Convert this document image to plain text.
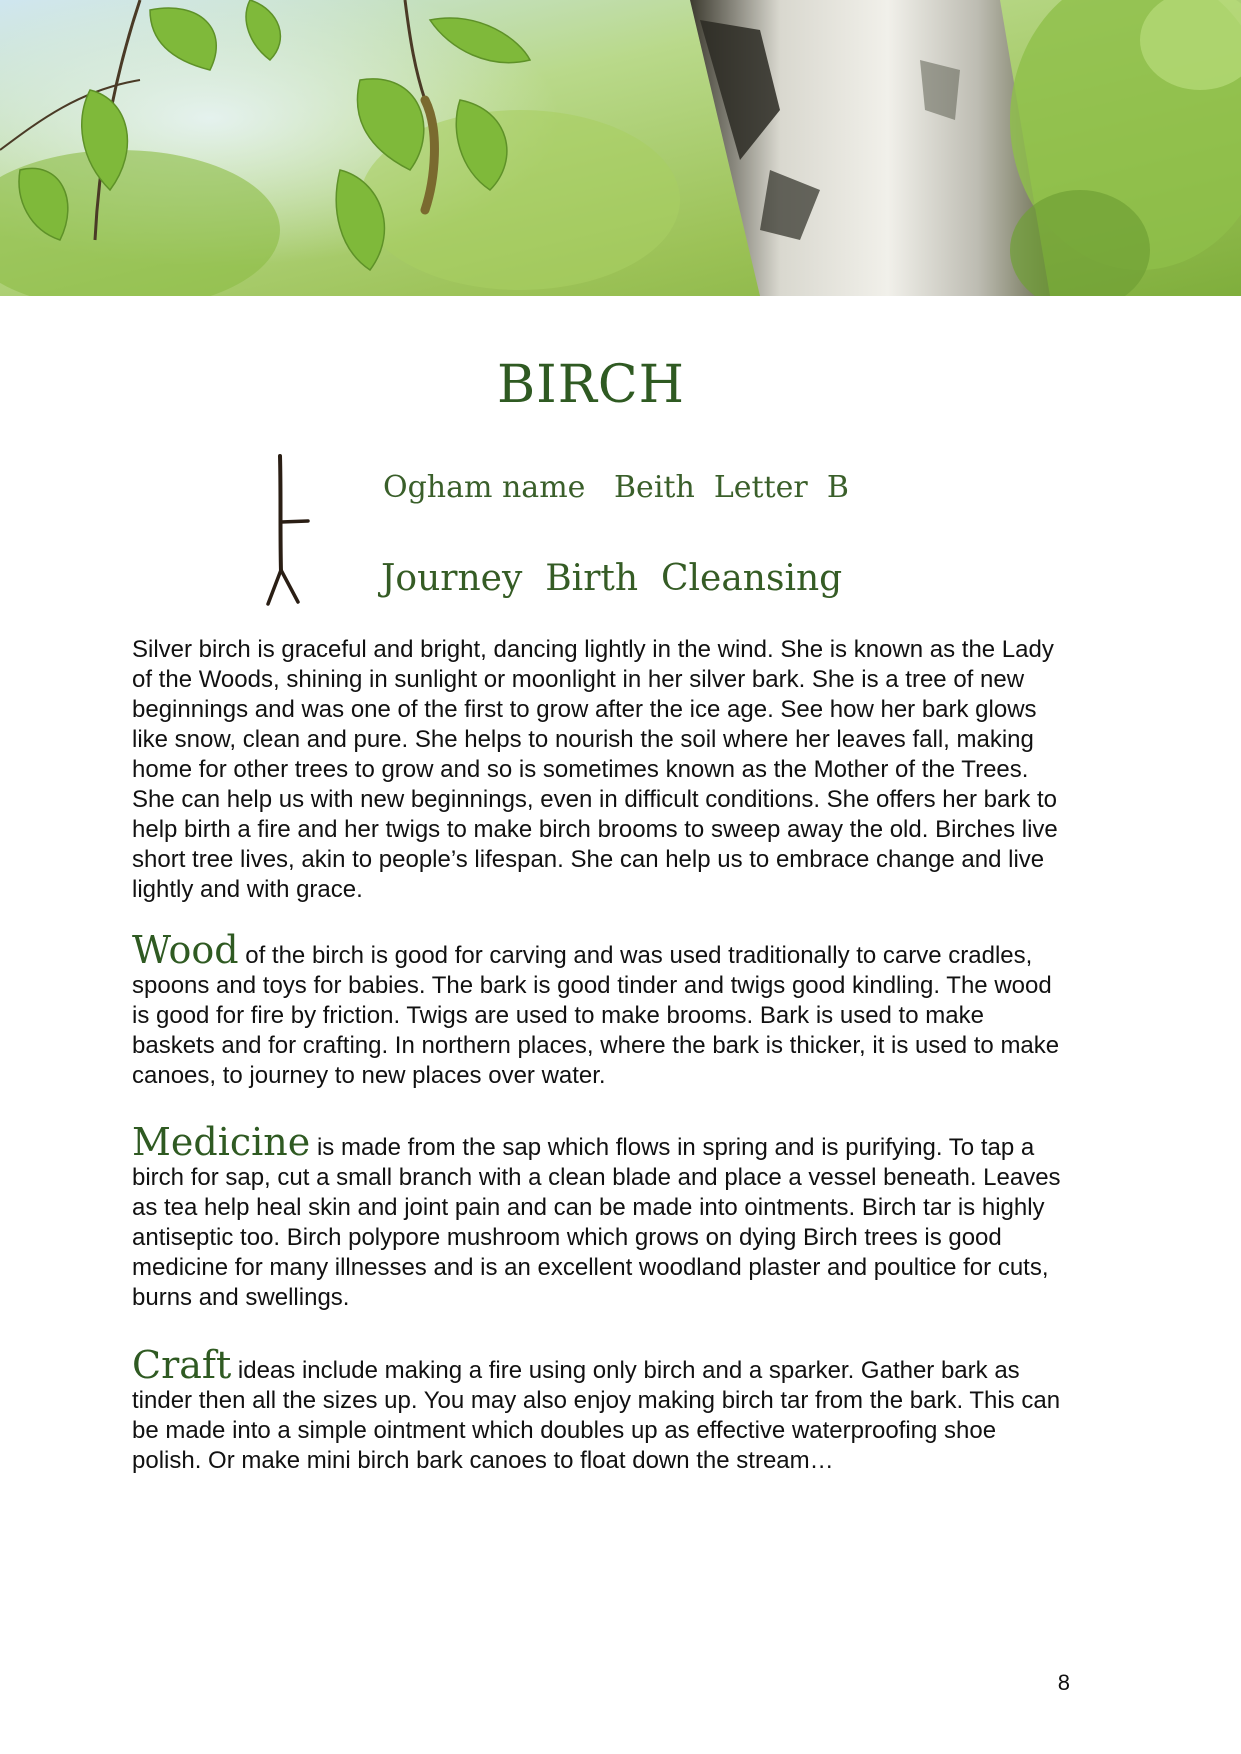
BIRCH
Ogham name Beith Letter B
Journey Birth Cleansing

Silver birch is graceful and bright, dancing lightly in the wind. She is known as the Lady of the Woods, shining in sunlight or moonlight in her silver bark. She is a tree of new beginnings and was one of the first to grow after the ice age. See how her bark glows like snow, clean and pure. She helps to nourish the soil where her leaves fall, making home for other trees to grow and so is sometimes known as the Mother of the Trees. She can help us with new beginnings, even in difficult conditions. She offers her bark to help birth a fire and her twigs to make birch brooms to sweep away the old. Birches live short tree lives, akin to people’s lifespan. She can help us to embrace change and live lightly and with grace.

Wood of the birch is good for carving and was used traditionally to carve cradles, spoons and toys for babies. The bark is good tinder and twigs good kindling. The wood is good for fire by friction. Twigs are used to make brooms. Bark is used to make baskets and for crafting. In northern places, where the bark is thicker, it is used to make canoes, to journey to new places over water.

Medicine is made from the sap which flows in spring and is purifying. To tap a birch for sap, cut a small branch with a clean blade and place a vessel beneath. Leaves as tea help heal skin and joint pain and can be made into ointments. Birch tar is highly antiseptic too. Birch polypore mushroom which grows on dying Birch trees is good medicine for many illnesses and is an excellent woodland plaster and poultice for cuts, burns and swellings.

Craft ideas include making a fire using only birch and a sparker. Gather bark as tinder then all the sizes up. You may also enjoy making birch tar from the bark. This can be made into a simple ointment which doubles up as effective waterproofing shoe polish. Or make mini birch bark canoes to float down the stream…

8
